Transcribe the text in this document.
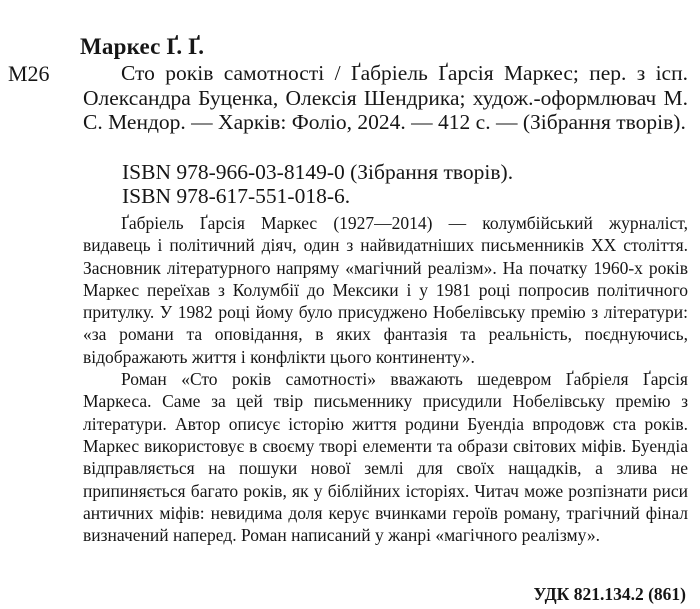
Маркес Ґ. Ґ.
М26	Сто років самотності / Ґабріель Ґарсія Маркес; пер. з ісп. Олександра Буценка, Олексія Шендрика; худож.-оформлювач М. С. Мендор. — Харків: Фоліо, 2024. — 412 с. — (Зібрання творів).

ISBN 978-966-03-8149-0 (Зібрання творів).
ISBN 978-617-551-018-6.

Ґабріель Ґарсія Маркес (1927—2014) — колумбійський журналіст, видавець і політичний діяч, один з найвидатніших письменників XX століття. Засновник літературного напряму «магічний реалізм». На початку 1960-х років Маркес переїхав з Колумбії до Мексики і у 1981 році попросив політичного притулку. У 1982 році йому було присуджено Нобелівську премію з літератури: «за романи та оповідання, в яких фантазія та реальність, поєднуючись, відображають життя і конфлікти цього континенту».

Роман «Сто років самотності» вважають шедевром Ґабріеля Ґарсія Маркеса. Саме за цей твір письменнику присудили Нобелівську премію з літератури. Автор описує історію життя родини Буендіа впродовж ста років. Маркес використовує в своєму творі елементи та образи світових міфів. Буендіа відправляється на пошуки нової землі для своїх нащадків, а злива не припиняється багато років, як у біблійних історіях. Читач може розпізнати риси античних міфів: невидима доля керує вчинками героїв роману, трагічний фінал визначений наперед. Роман написаний у жанрі «магічного реалізму».

УДК 821.134.2 (861)
